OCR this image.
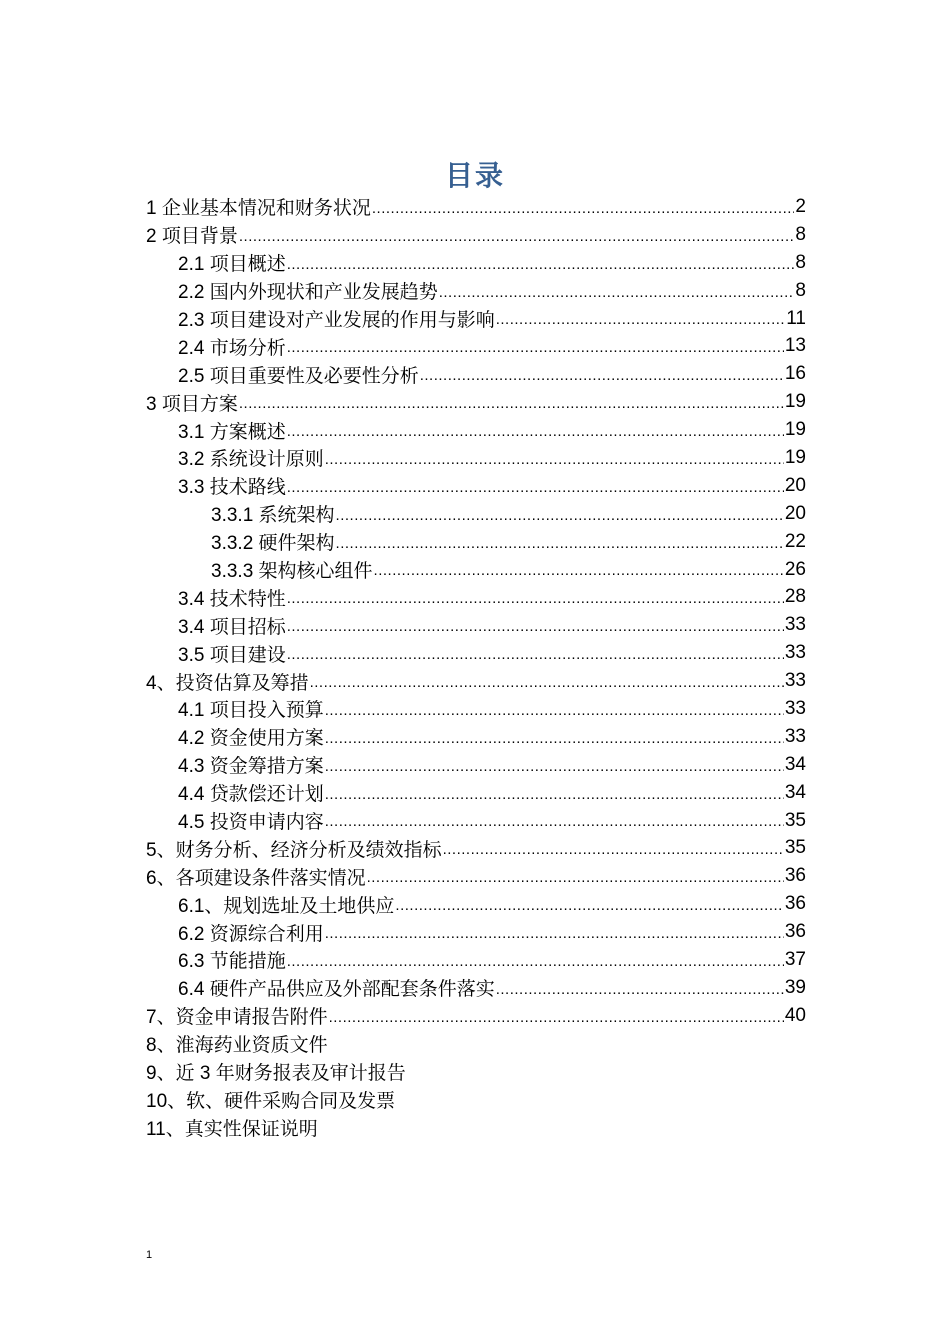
目录
1 企业基本情况和财务状况 .....	2
2 项目背景 .....	8
2.1 项目概述 .....	8
2.2 国内外现状和产业发展趋势 .....	8
2.3 项目建设对产业发展的作用与影响 .....	11
2.4 市场分析 .....	13
2.5 项目重要性及必要性分析 .....	16
3 项目方案 .....	19
3.1 方案概述 .....	19
3.2 系统设计原则 .....	19
3.3 技术路线 .....	20
3.3.1 系统架构 .....	20
3.3.2 硬件架构 .....	22
3.3.3 架构核心组件 .....	26
3.4 技术特性 .....	28
3.4 项目招标 .....	33
3.5 项目建设 .....	33
4、投资估算及筹措 .....	33
4.1 项目投入预算 .....	33
4.2 资金使用方案 .....	33
4.3 资金筹措方案 .....	34
4.4 贷款偿还计划 .....	34
4.5 投资申请内容 .....	35
5、财务分析、经济分析及绩效指标 .....	35
6、各项建设条件落实情况 .....	36
6.1、规划选址及土地供应 .....	36
6.2 资源综合利用 .....	36
6.3 节能措施 .....	37
6.4 硬件产品供应及外部配套条件落实 .....	39
7、资金申请报告附件 .....	40
8、淮海药业资质文件
9、近 3 年财务报表及审计报告
10、软、硬件采购合同及发票
11、真实性保证说明
1
